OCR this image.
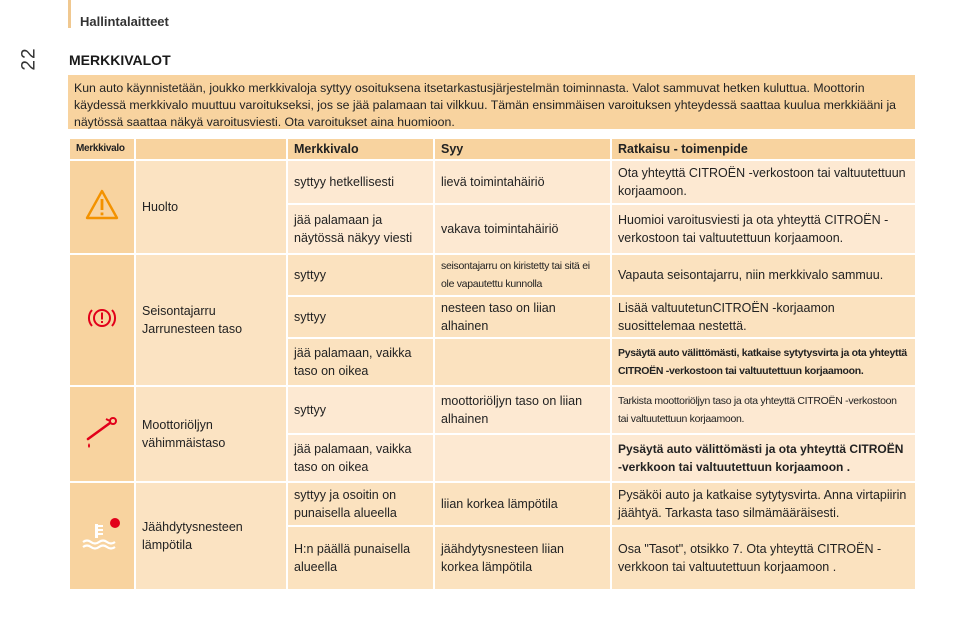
Hallintalaitteet
22 MERKKIVALOT
Kun auto käynnistetään, joukko merkkivaloja syttyy osoituksena itsetarkastusjärjestelmän toiminnasta. Valot sammuvat hetken kuluttua. Moottorin käydessä merkkivalo muuttuu varoitukseksi, jos se jää palamaan tai vilkkuu. Tämän ensimmäisen varoituksen yhteydessä saattaa kuulua merkkiääni ja näytössä saattaa näkyä varoitusviesti. Ota varoitukset aina huomioon.
Merkkivalo		Merkkivalo	Syy	Ratkaisu - toimenpide
	Huolto	syttyy hetkellisesti	lievä toimintahäiriö	Ota yhteyttä CITROËN -verkostoon tai valtuutettuun korjaamoon.
		jää palamaan ja näytössä näkyy viesti	vakava toimintahäiriö	Huomioi varoitusviesti ja ota yhteyttä CITROËN -verkostoon tai valtuutettuun korjaamoon.

Seisontajarru Jarrunesteen taso	syttyy	seisontajarru on kiristetty tai sitä ei ole vapautettu kunnolla	Vapauta seisontajarru, niin merkkivalo sammuu.
		syttyy	nesteen taso on liian alhainen	Lisää valtuutetunCITROËN -korjaamon suosittelemaa nestettä.
		jää palamaan, vaikka taso on oikea		Pysäytä auto välittömästi, katkaise sytytysvirta ja ota yhteyttä CITROËN -verkostoon tai valtuutettuun korjaamoon.

Moottoriöljyn vähimmäistaso	syttyy	moottoriöljyn taso on liian alhainen	Tarkista moottoriöljyn taso ja ota yhteyttä CITROËN -verkostoon tai valtuutettuun korjaamoon.
		jää palamaan, vaikka taso on oikea		Pysäytä auto välittömästi ja ota yhteyttä CITROËN -verkkoon tai valtuutettuun korjaamoon .

Jäähdytysnesteen lämpötila	syttyy ja osoitin on punaisella alueella	liian korkea lämpötila	Pysäköi auto ja katkaise sytytysvirta. Anna virtapiirin jäähtyä. Tarkasta taso silmämääräisesti.
		H:n päällä punaisella alueella	jäähdytysnesteen liian korkea lämpötila	Osa "Tasot", otsikko 7. Ota yhteyttä CITROËN - verkkoon tai valtuutettuun korjaamoon .
